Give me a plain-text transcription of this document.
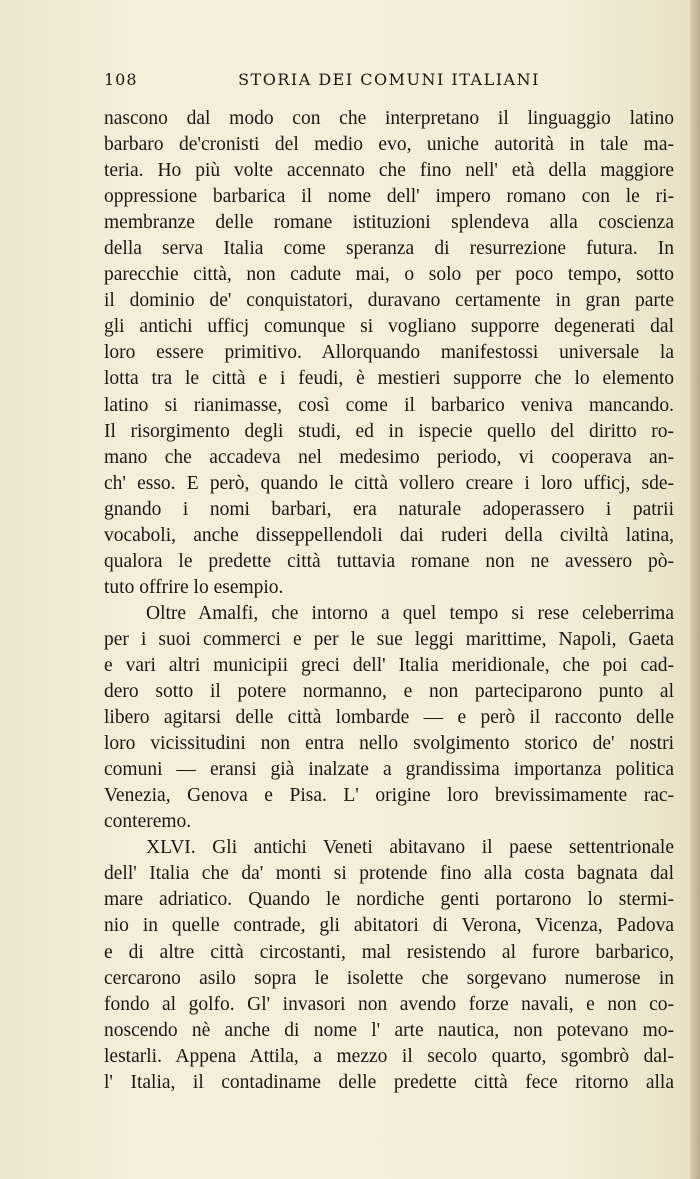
108	STORIA DEI COMUNI ITALIANI
nascono dal modo con che interpretano il linguaggio latino
barbaro de'cronisti del medio evo, uniche autorità in tale ma-
teria. Ho più volte accennato che fino nell' età della maggiore
oppressione barbarica il nome dell' impero romano con le ri-
membranze delle romane istituzioni splendeva alla coscienza
della serva Italia come speranza di resurrezione futura. In
parecchie città, non cadute mai, o solo per poco tempo, sotto
il dominio de' conquistatori, duravano certamente in gran parte
gli antichi ufficj comunque si vogliano supporre degenerati dal
loro essere primitivo. Allorquando manifestossi universale la
lotta tra le città e i feudi, è mestieri supporre che lo elemento
latino si rianimasse, così come il barbarico veniva mancando.
Il risorgimento degli studi, ed in ispecie quello del diritto ro-
mano che accadeva nel medesimo periodo, vi cooperava an-
ch' esso. E però, quando le città vollero creare i loro ufficj, sde-
gnando i nomi barbari, era naturale adoperassero i patrii
vocaboli, anche disseppellendoli dai ruderi della civiltà latina,
qualora le predette città tuttavia romane non ne avessero pò-
tuto offrire lo esempio.
Oltre Amalfi, che intorno a quel tempo si rese celeberrima
per i suoi commerci e per le sue leggi marittime, Napoli, Gaeta
e vari altri municipii greci dell' Italia meridionale, che poi cad-
dero sotto il potere normanno, e non parteciparono punto al
libero agitarsi delle città lombarde — e però il racconto delle
loro vicissitudini non entra nello svolgimento storico de' nostri
comuni — eransi già inalzate a grandissima importanza politica
Venezia, Genova e Pisa. L' origine loro brevissimamente rac-
conteremo.
XLVI. Gli antichi Veneti abitavano il paese settentrionale
dell' Italia che da' monti si protende fino alla costa bagnata dal
mare adriatico. Quando le nordiche genti portarono lo stermi-
nio in quelle contrade, gli abitatori di Verona, Vicenza, Padova
e di altre città circostanti, mal resistendo al furore barbarico,
cercarono asilo sopra le isolette che sorgevano numerose in
fondo al golfo. Gl' invasori non avendo forze navali, e non co-
noscendo nè anche di nome l' arte nautica, non potevano mo-
lestarli. Appena Attila, a mezzo il secolo quarto, sgombrò dal-
l' Italia, il contadiname delle predette città fece ritorno alla
